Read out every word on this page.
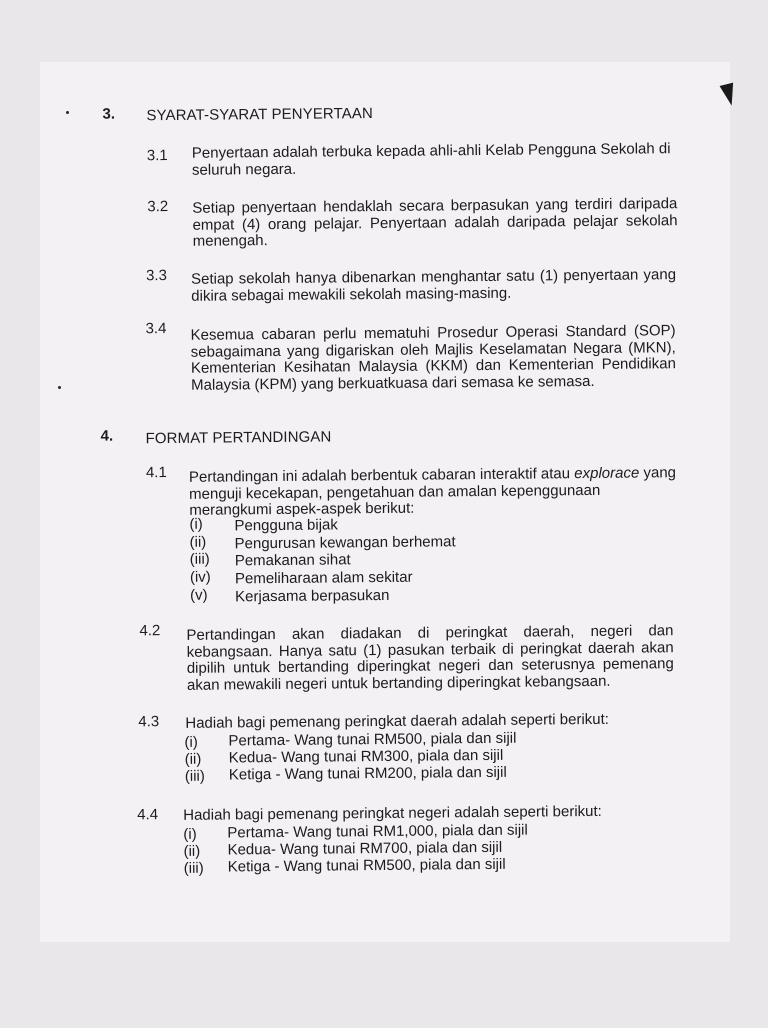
3. SYARAT-SYARAT PENYERTAAN
3.1 Penyertaan adalah terbuka kepada ahli-ahli Kelab Pengguna Sekolah di seluruh negara.
3.2 Setiap penyertaan hendaklah secara berpasukan yang terdiri daripada empat (4) orang pelajar. Penyertaan adalah daripada pelajar sekolah menengah.
3.3 Setiap sekolah hanya dibenarkan menghantar satu (1) penyertaan yang dikira sebagai mewakili sekolah masing-masing.
3.4 Kesemua cabaran perlu mematuhi Prosedur Operasi Standard (SOP) sebagaimana yang digariskan oleh Majlis Keselamatan Negara (MKN), Kementerian Kesihatan Malaysia (KKM) dan Kementerian Pendidikan Malaysia (KPM) yang berkuatkuasa dari semasa ke semasa.
4. FORMAT PERTANDINGAN
4.1 Pertandingan ini adalah berbentuk cabaran interaktif atau explorace yang menguji kecekapan, pengetahuan dan amalan kepenggunaan merangkumi aspek-aspek berikut:
(i) Pengguna bijak
(ii) Pengurusan kewangan berhemat
(iii) Pemakanan sihat
(iv) Pemeliharaan alam sekitar
(v) Kerjasama berpasukan
4.2 Pertandingan akan diadakan di peringkat daerah, negeri dan kebangsaan. Hanya satu (1) pasukan terbaik di peringkat daerah akan dipilih untuk bertanding diperingkat negeri dan seterusnya pemenang akan mewakili negeri untuk bertanding diperingkat kebangsaan.
4.3 Hadiah bagi pemenang peringkat daerah adalah seperti berikut:
(i) Pertama- Wang tunai RM500, piala dan sijil
(ii) Kedua- Wang tunai RM300, piala dan sijil
(iii) Ketiga - Wang tunai RM200, piala dan sijil
4.4 Hadiah bagi pemenang peringkat negeri adalah seperti berikut:
(i) Pertama- Wang tunai RM1,000, piala dan sijil
(ii) Kedua- Wang tunai RM700, piala dan sijil
(iii) Ketiga - Wang tunai RM500, piala dan sijil
